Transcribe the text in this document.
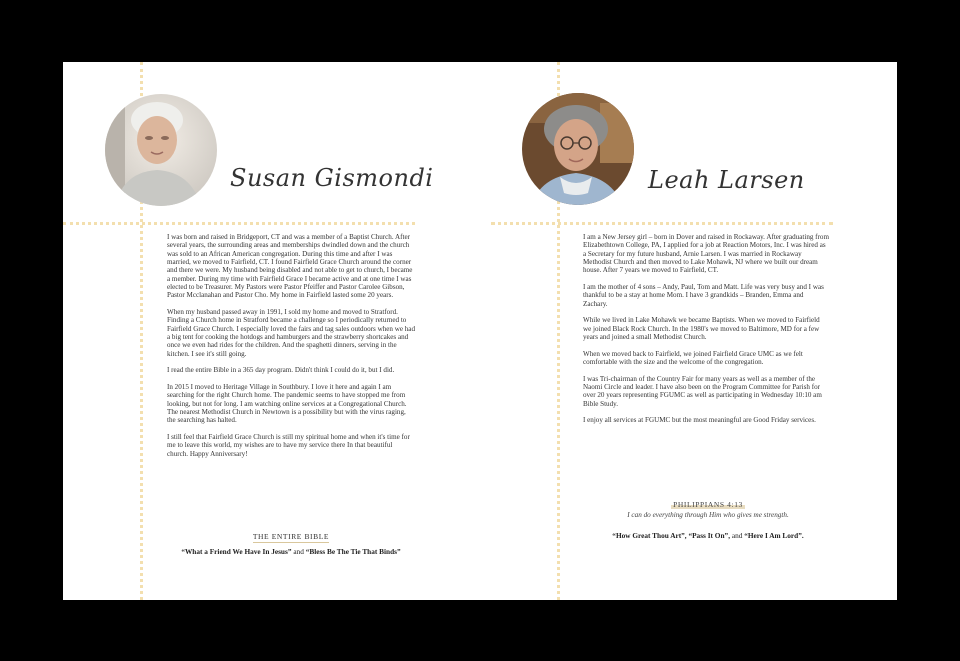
Susan Gismondi

I was born and raised in Bridgeport, CT and was a member of a Baptist Church. After several years, the surrounding areas and memberships dwindled down and the church was sold to an African American congregation. During this time and after I was married, we moved to Fairfield, CT. I found Fairfield Grace Church around the corner and there we were. My husband being disabled and not able to get to church, I became a member. During my time with Fairfield Grace I became active and at one time I was elected to be Treasurer. My Pastors were Pastor Pfeiffer and Pastor Carolee Gibson, Pastor Mcclanahan and Pastor Cho. My home in Fairfield lasted some 20 years.

When my husband passed away in 1991, I sold my home and moved to Stratford. Finding a Church home in Stratford became a challenge so I periodically returned to Fairfield Grace Church. I especially loved the fairs and tag sales outdoors when we had a big tent for cooking the hotdogs and hamburgers and the strawberry shortcakes and once we even had rides for the children. And the spaghetti dinners, serving in the kitchen. I see it's still going.

I read the entire Bible in a 365 day program. Didn't think I could do it, but I did.

In 2015 I moved to Heritage Village in Southbury. I love it here and again I am searching for the right Church home. The pandemic seems to have stopped me from looking, but not for long. I am watching online services at a Congregational Church. The nearest Methodist Church in Newtown is a possibility but with the virus raging, the searching has halted.

I still feel that Fairfield Grace Church is still my spiritual home and when it's time for me to leave this world, my wishes are to have my service there In that beautiful church. Happy Anniversary!

THE ENTIRE BIBLE
“What a Friend We Have In Jesus” and “Bless Be The Tie That Binds”
Leah Larsen

I am a New Jersey girl – born in Dover and raised in Rockaway. After graduating from Elizabethtown College, PA, I applied for a job at Reaction Motors, Inc. I was hired as a Secretary for my future husband, Arnie Larsen. I was married in Rockaway Methodist Church and then moved to Lake Mohawk, NJ where we built our dream house. After 7 years we moved to Fairfield, CT.

I am the mother of 4 sons – Andy, Paul, Tom and Matt. Life was very busy and I was thankful to be a stay at home Mom. I have 3 grandkids – Branden, Emma and Zachary.

While we lived in Lake Mohawk we became Baptists. When we moved to Fairfield we joined Black Rock Church. In the 1980's we moved to Baltimore, MD for a few years and joined a small Methodist Church.

When we moved back to Fairfield, we joined Fairfield Grace UMC as we felt comfortable with the size and the welcome of the congregation.

I was Tri-chairman of the Country Fair for many years as well as a member of the Naomi Circle and leader. I have also been on the Program Committee for Parish for over 20 years representing FGUMC as well as participating in Wednesday 10:10 am Bible Study.

I enjoy all services at FGUMC but the most meaningful are Good Friday services.

PHILIPPIANS 4:13
I can do everything through Him who gives me strength.
“How Great Thou Art”, “Pass It On”, and “Here I Am Lord”.
